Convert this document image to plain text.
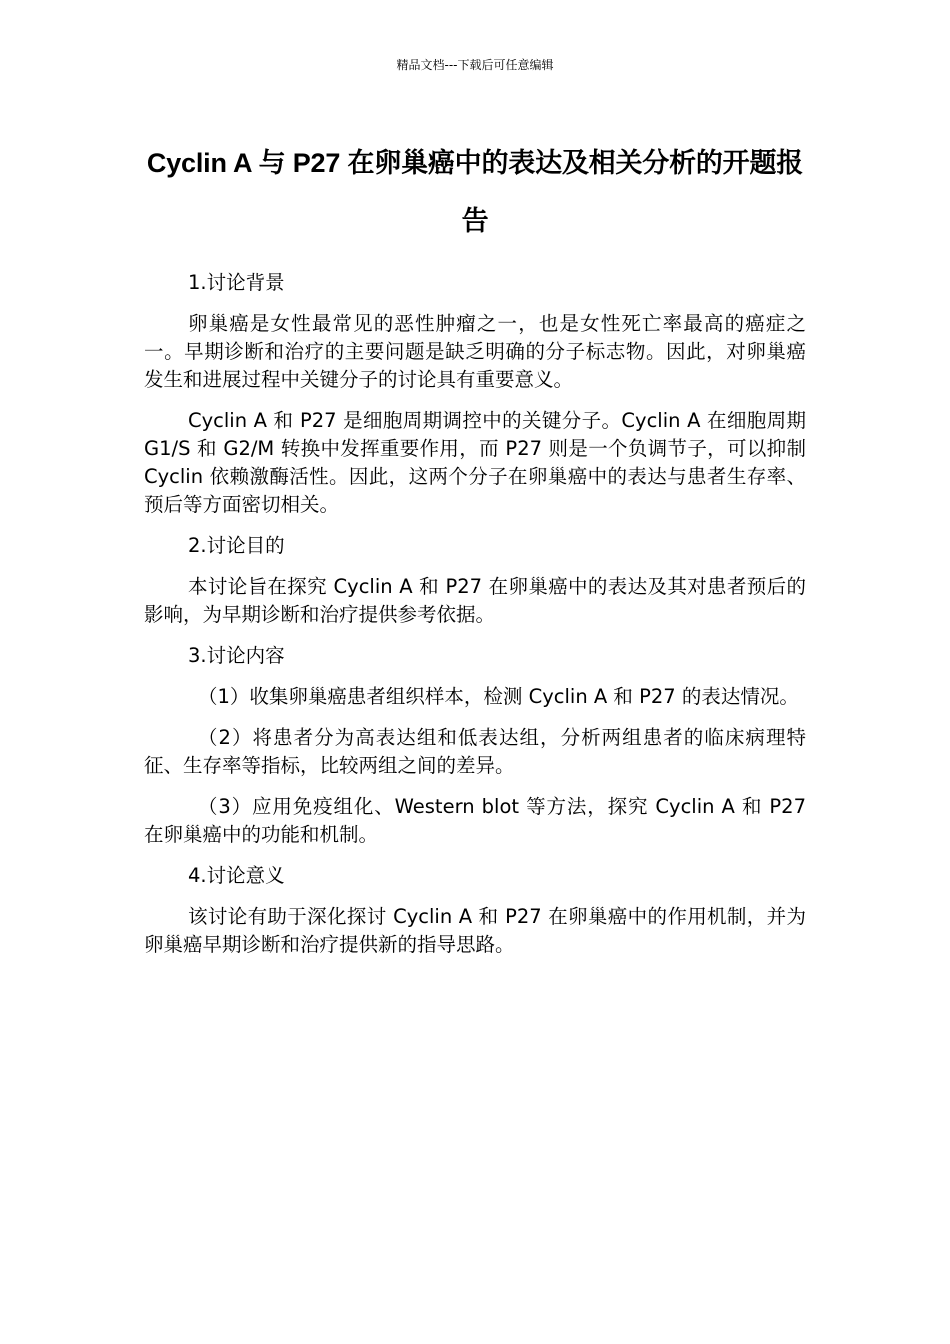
精品文档---下载后可任意编辑
Cyclin A 与 P27 在卵巢癌中的表达及相关分析的开题报告
1.讨论背景

卵巢癌是女性最常见的恶性肿瘤之一，也是女性死亡率最高的癌症之一。早期诊断和治疗的主要问题是缺乏明确的分子标志物。因此，对卵巢癌发生和进展过程中关键分子的讨论具有重要意义。

Cyclin A 和 P27 是细胞周期调控中的关键分子。Cyclin A 在细胞周期 G1/S 和 G2/M 转换中发挥重要作用，而 P27 则是一个负调节子，可以抑制 Cyclin 依赖激酶活性。因此，这两个分子在卵巢癌中的表达与患者生存率、预后等方面密切相关。

2.讨论目的

本讨论旨在探究 Cyclin A 和 P27 在卵巢癌中的表达及其对患者预后的影响，为早期诊断和治疗提供参考依据。

3.讨论内容

（1）收集卵巢癌患者组织样本，检测 Cyclin A 和 P27 的表达情况。

（2）将患者分为高表达组和低表达组，分析两组患者的临床病理特征、生存率等指标，比较两组之间的差异。

（3）应用免疫组化、Western blot 等方法，探究 Cyclin A 和 P27 在卵巢癌中的功能和机制。

4.讨论意义

该讨论有助于深化探讨 Cyclin A 和 P27 在卵巢癌中的作用机制，并为卵巢癌早期诊断和治疗提供新的指导思路。
